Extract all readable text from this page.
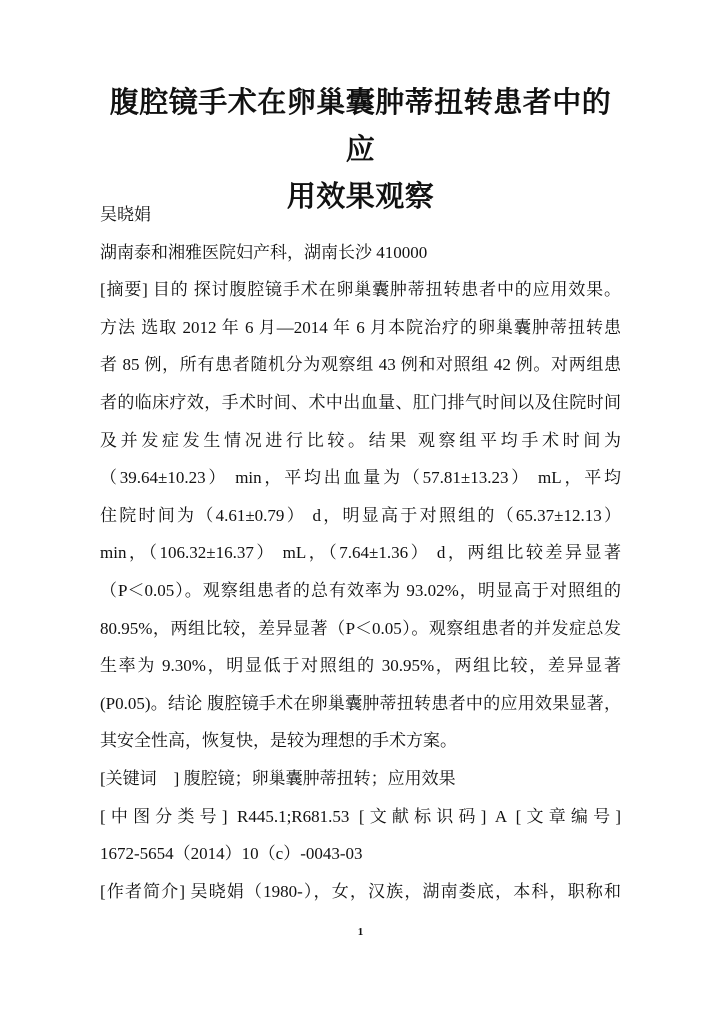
腹腔镜手术在卵巢囊肿蒂扭转患者中的应
用效果观察
吴晓娟
湖南泰和湘雅医院妇产科，湖南长沙 410000
[摘要] 目的 探讨腹腔镜手术在卵巢囊肿蒂扭转患者中的应用效果。
方法 选取 2012 年 6 月—2014 年 6 月本院治疗的卵巢囊肿蒂扭转患
者 85 例，所有患者随机分为观察组 43 例和对照组 42 例。对两组患
者的临床疗效，手术时间、术中出血量、肛门排气时间以及住院时间
及并发症发生情况进行比较。结果 观察组平均手术时间为
（39.64±10.23） min，平均出血量为（57.81±13.23） mL，平均
住院时间为（4.61±0.79） d，明显高于对照组的（65.37±12.13）
min，（106.32±16.37） mL，（7.64±1.36） d，两组比较差异显著
（P＜0.05）。观察组患者的总有效率为 93.02%，明显高于对照组的
80.95%，两组比较，差异显著（P＜0.05）。观察组患者的并发症总发
生率为 9.30%，明显低于对照组的 30.95%，两组比较，差异显著
(P0.05)。结论 腹腔镜手术在卵巢囊肿蒂扭转患者中的应用效果显著，
其安全性高，恢复快，是较为理想的手术方案。
[关键词　] 腹腔镜；卵巢囊肿蒂扭转；应用效果
[中图分类号] R445.1;R681.53 [文献标识码] A [文章编号]
1672-5654（2014）10（c）-0043-03
[作者简介] 吴晓娟（1980-），女，汉族，湖南娄底，本科，职称和
1
